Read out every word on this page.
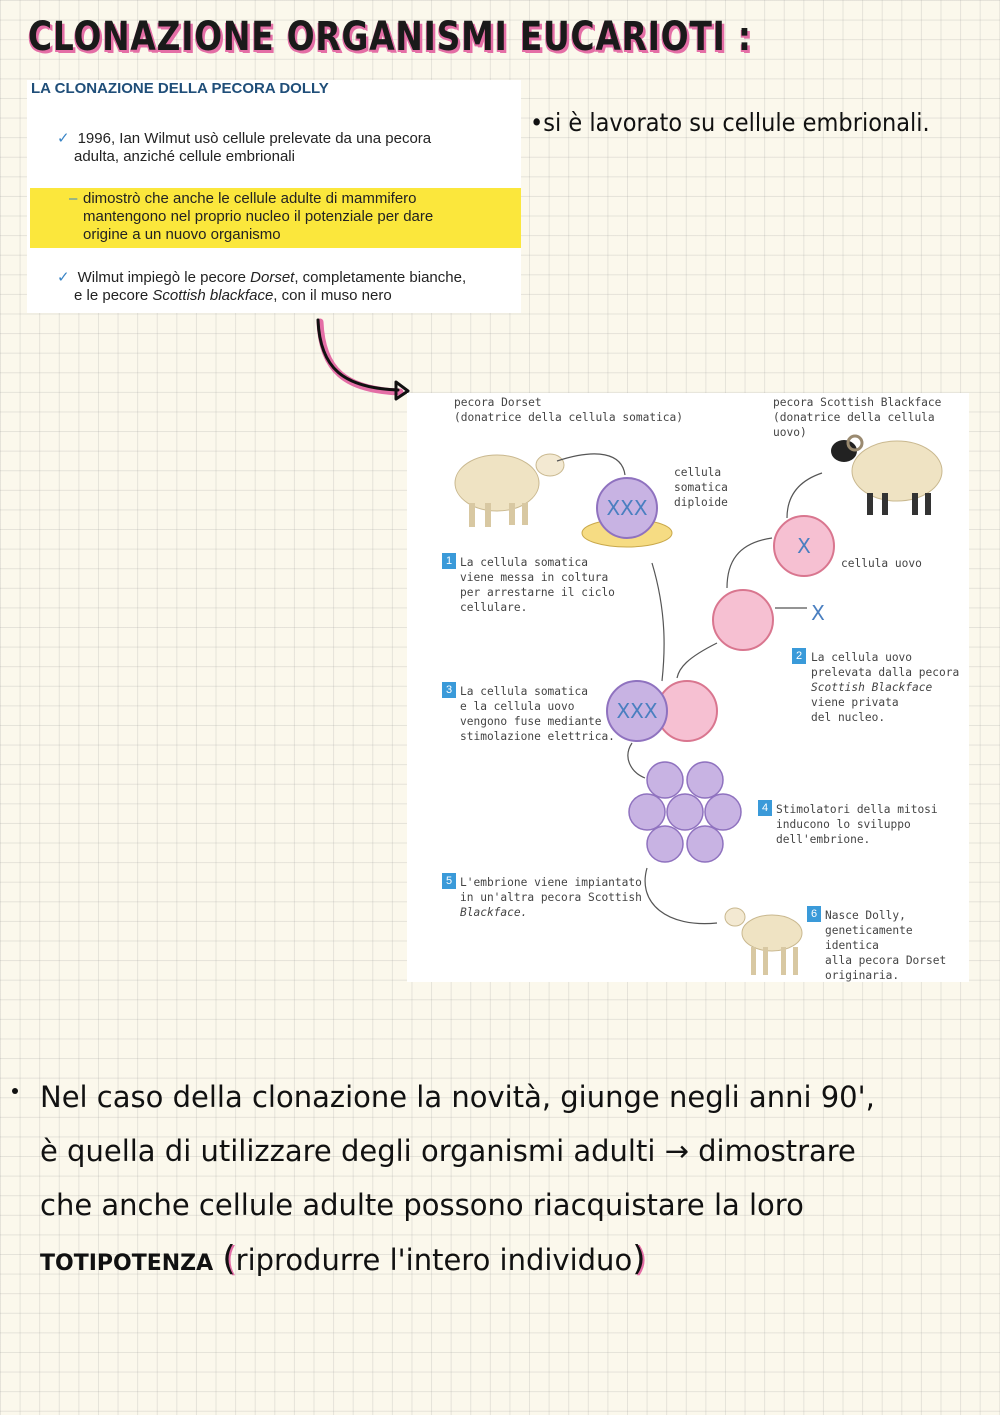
CLONAZIONE ORGANISMI EUCARIOTI :
LA CLONAZIONE DELLA PECORA DOLLY
✓ 1996, Ian Wilmut usò cellule prelevate da una pecora
adulta, anziché cellule embrionali
– dimostrò che anche le cellule adulte di mammifero
mantengono nel proprio nucleo il potenziale per dare
origine a un nuovo organismo
✓ Wilmut impiegò le pecore Dorset, completamente bianche,
e le pecore Scottish blackface, con il muso nero
•si è lavorato su cellule embrionali.
XXX
X
X
XXX
pecora Dorset
(donatrice della cellula somatica)
pecora Scottish Blackface
(donatrice della cellula uovo)
cellula
somatica
diploide
cellula uovo
1 La cellula somatica
viene messa in coltura
per arrestarne il ciclo
cellulare.
2 La cellula uovo
prelevata dalla pecora
Scottish Blackface
viene privata
del nucleo.
3 La cellula somatica
e la cellula uovo
vengono fuse mediante
stimolazione elettrica.
4 Stimolatori della mitosi
inducono lo sviluppo
dell'embrione.
5 L'embrione viene impiantato
in un'altra pecora Scottish
Blackface.	6 Nasce Dolly,
geneticamente identica
alla pecora Dorset
originaria.
Nel caso della clonazione la novità, giunge negli anni 90',
è quella di utilizzare degli organismi adulti → dimostrare
che anche cellule adulte possono riacquistare la loro
TOTIPOTENZA (riprodurre l'intero individuo)
